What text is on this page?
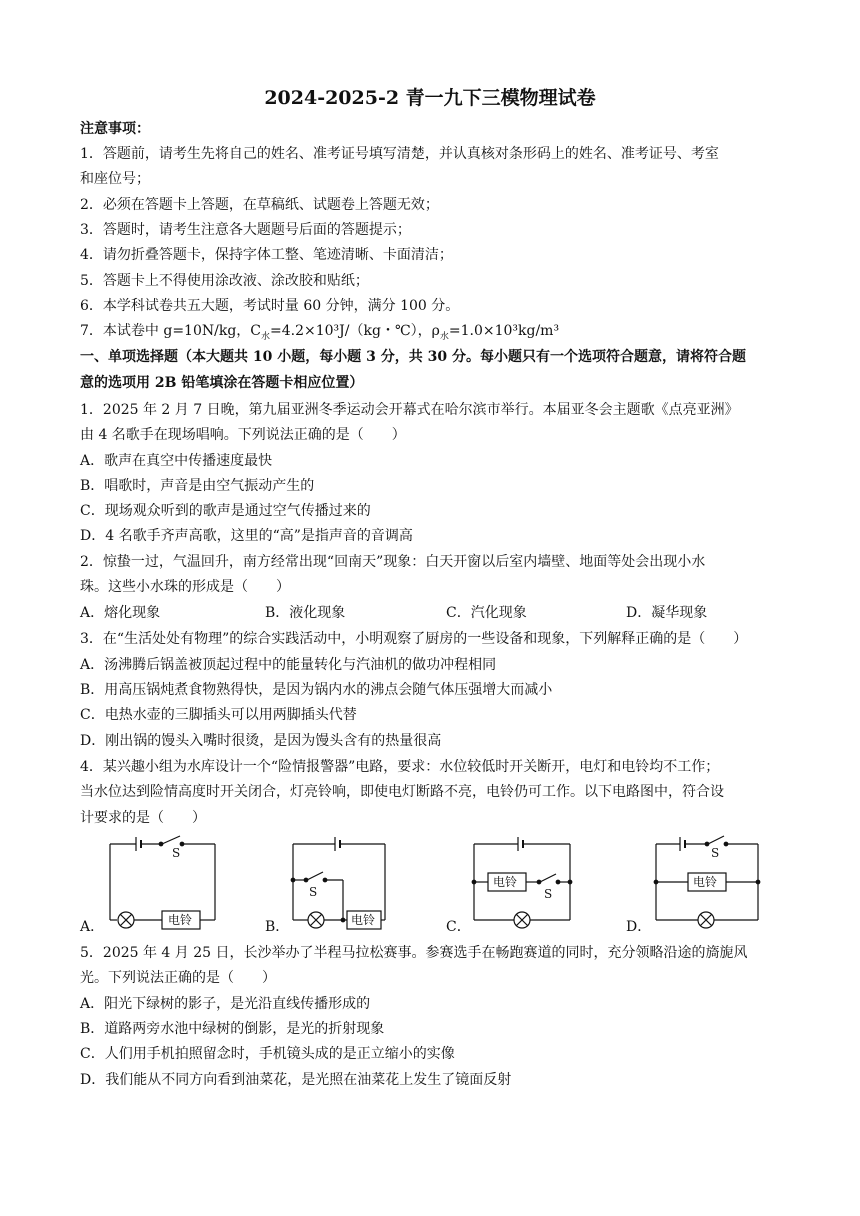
2024-2025-2 青一九下三模物理试卷
注意事项：
1．答题前，请考生先将自己的姓名、准考证号填写清楚，并认真核对条形码上的姓名、准考证号、考室
和座位号；
2．必须在答题卡上答题，在草稿纸、试题卷上答题无效；
3．答题时，请考生注意各大题题号后面的答题提示；
4．请勿折叠答题卡，保持字体工整、笔迹清晰、卡面清洁；
5．答题卡上不得使用涂改液、涂改胶和贴纸；
6．本学科试卷共五大题，考试时量 60 分钟，满分 100 分。
7．本试卷中 g=10N/kg，$C_水=4.2\times 10^3J/(kg$・℃），$\rho_水=1.0\times 10^3kg/m^3$
一、单项选择题（本大题共 10 小题，每小题 3 分，共 30 分。每小题只有一个选项符合题意，请将符合题
意的选项用 2B 铅笔填涂在答题卡相应位置）
1．2025 年 2 月 7 日晚，第九届亚洲冬季运动会开幕式在哈尔滨市举行。本届亚冬会主题歌《点亮亚洲》
由 4 名歌手在现场唱响。下列说法正确的是（　　）
A．歌声在真空中传播速度最快
B．唱歌时，声音是由空气振动产生的
C．现场观众听到的歌声是通过空气传播过来的
D．4 名歌手齐声高歌，这里的“高”是指声音的音调高
2．惊蛰一过，气温回升，南方经常出现“回南天”现象：白天开窗以后室内墙壁、地面等处会出现小水
珠。这些小水珠的形成是（　　）
A．熔化现象	B．液化现象	C．汽化现象	D．凝华现象
3．在“生活处处有物理”的综合实践活动中，小明观察了厨房的一些设备和现象，下列解释正确的是（　　）
A．汤沸腾后锅盖被顶起过程中的能量转化与汽油机的做功冲程相同
B．用高压锅炖煮食物熟得快，是因为锅内水的沸点会随气体压强增大而减小
C．电热水壶的三脚插头可以用两脚插头代替
D．刚出锅的馒头入嘴时很烫，是因为馒头含有的热量很高
4．某兴趣小组为水库设计一个“险情报警器”电路，要求：水位较低时开关断开，电灯和电铃均不工作；
当水位达到险情高度时开关闭合，灯亮铃响，即使电灯断路不亮，电铃仍可工作。以下电路图中，符合设
计要求的是（　　）
A．
S
电铃	B．
S
电铃	C．
电铃
S
D．
S
电铃
5．2025 年 4 月 25 日，长沙举办了半程马拉松赛事。参赛选手在畅跑赛道的同时，充分领略沿途的旖旎风
光。下列说法正确的是（　　）
A．阳光下绿树的影子，是光沿直线传播形成的
B．道路两旁水池中绿树的倒影，是光的折射现象
C．人们用手机拍照留念时，手机镜头成的是正立缩小的实像
D．我们能从不同方向看到油菜花，是光照在油菜花上发生了镜面反射
